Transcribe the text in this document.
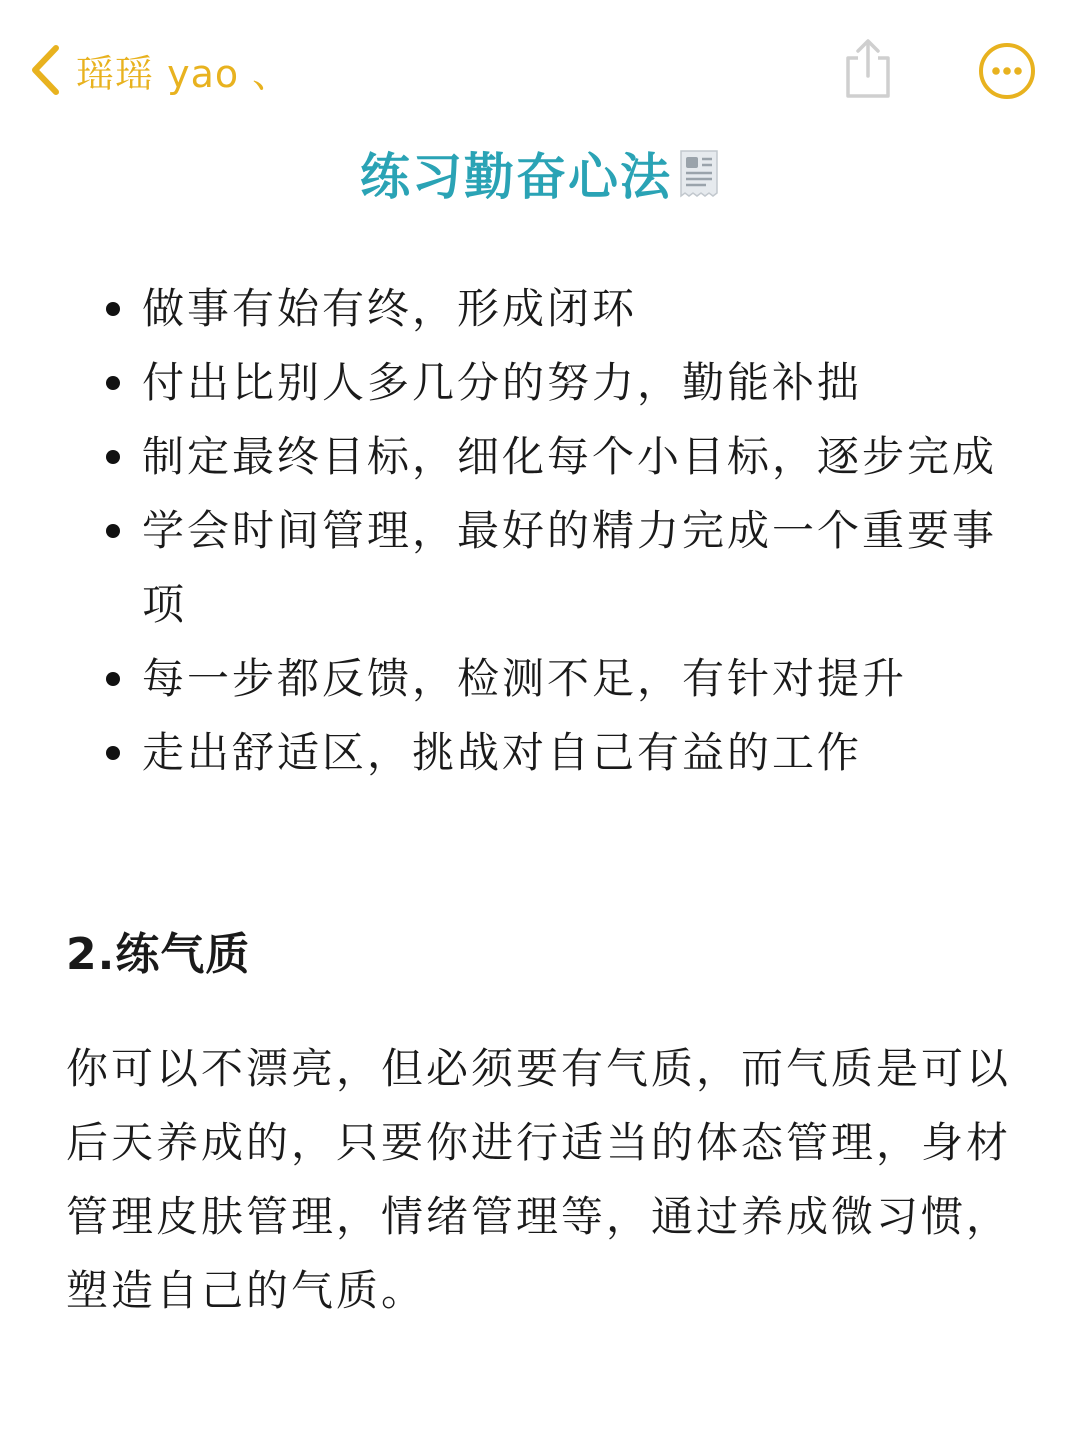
瑶瑶 yao 、
练习勤奋心法
做事有始有终，形成闭环
付出比别人多几分的努力，勤能补拙
制定最终目标，细化每个小目标，逐步完成
学会时间管理，最好的精力完成一个重要事项
每一步都反馈，检测不足，有针对提升
走出舒适区，挑战对自己有益的工作
2.练气质

你可以不漂亮，但必须要有气质，而气质是可以后天养成的，只要你进行适当的体态管理，身材管理皮肤管理，情绪管理等，通过养成微习惯，塑造自己的气质。
